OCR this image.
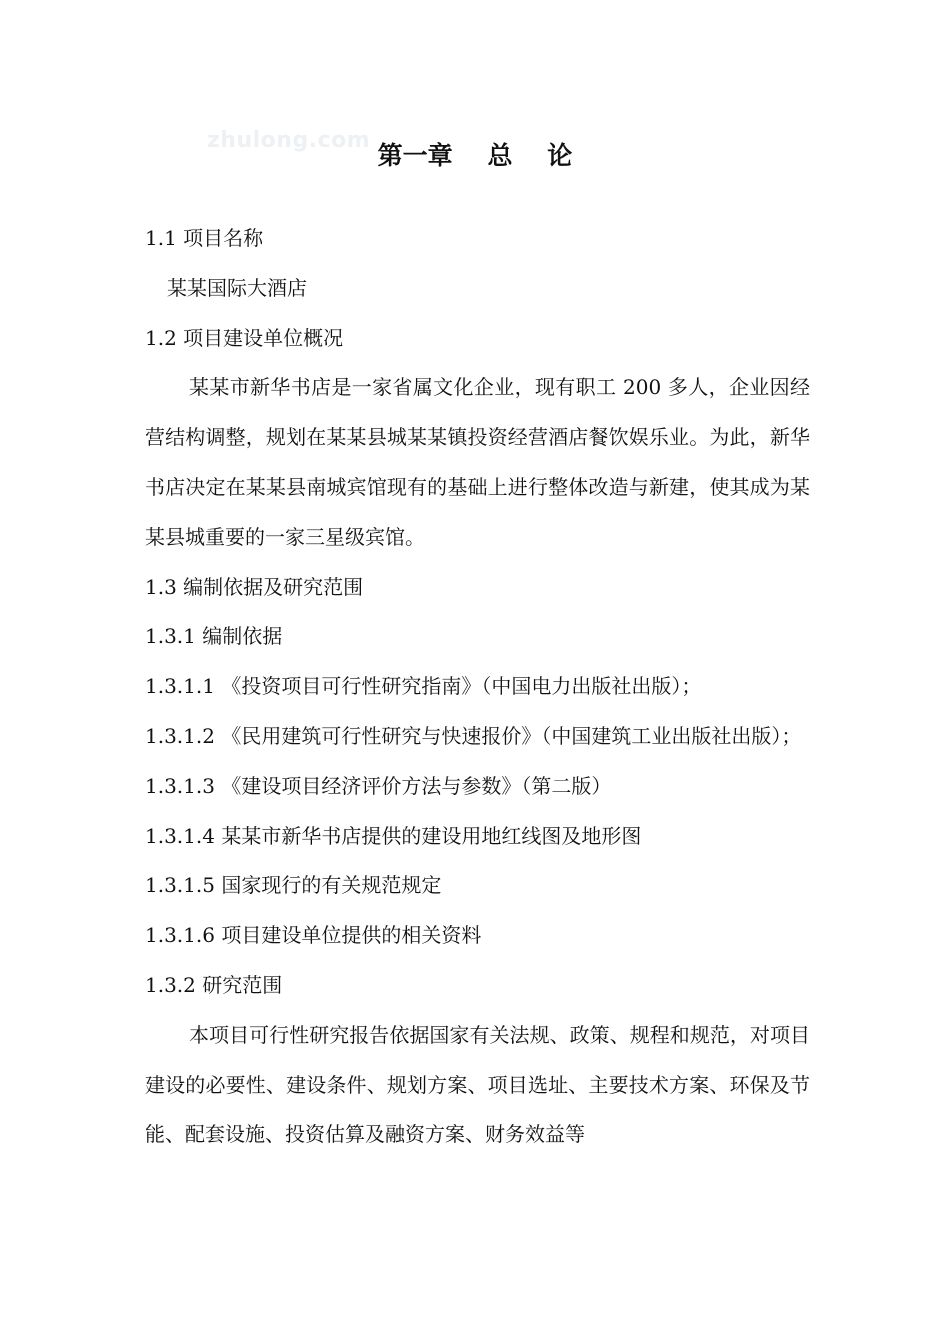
zhulong.com
第一章    总    论

1.1 项目名称

某某国际大酒店

1.2 项目建设单位概况

某某市新华书店是一家省属文化企业，现有职工 200 多人，企业因经营结构调整，规划在某某县城某某镇投资经营酒店餐饮娱乐业。为此，新华书店决定在某某县南城宾馆现有的基础上进行整体改造与新建，使其成为某某县城重要的一家三星级宾馆。

1.3 编制依据及研究范围

1.3.1 编制依据

1.3.1.1 《投资项目可行性研究指南》（中国电力出版社出版）；

1.3.1.2 《民用建筑可行性研究与快速报价》（中国建筑工业出版社出版）；

1.3.1.3 《建设项目经济评价方法与参数》（第二版）

1.3.1.4 某某市新华书店提供的建设用地红线图及地形图

1.3.1.5 国家现行的有关规范规定

1.3.1.6 项目建设单位提供的相关资料

1.3.2 研究范围

本项目可行性研究报告依据国家有关法规、政策、规程和规范，对项目建设的必要性、建设条件、规划方案、项目选址、主要技术方案、环保及节能、配套设施、投资估算及融资方案、财务效益等
